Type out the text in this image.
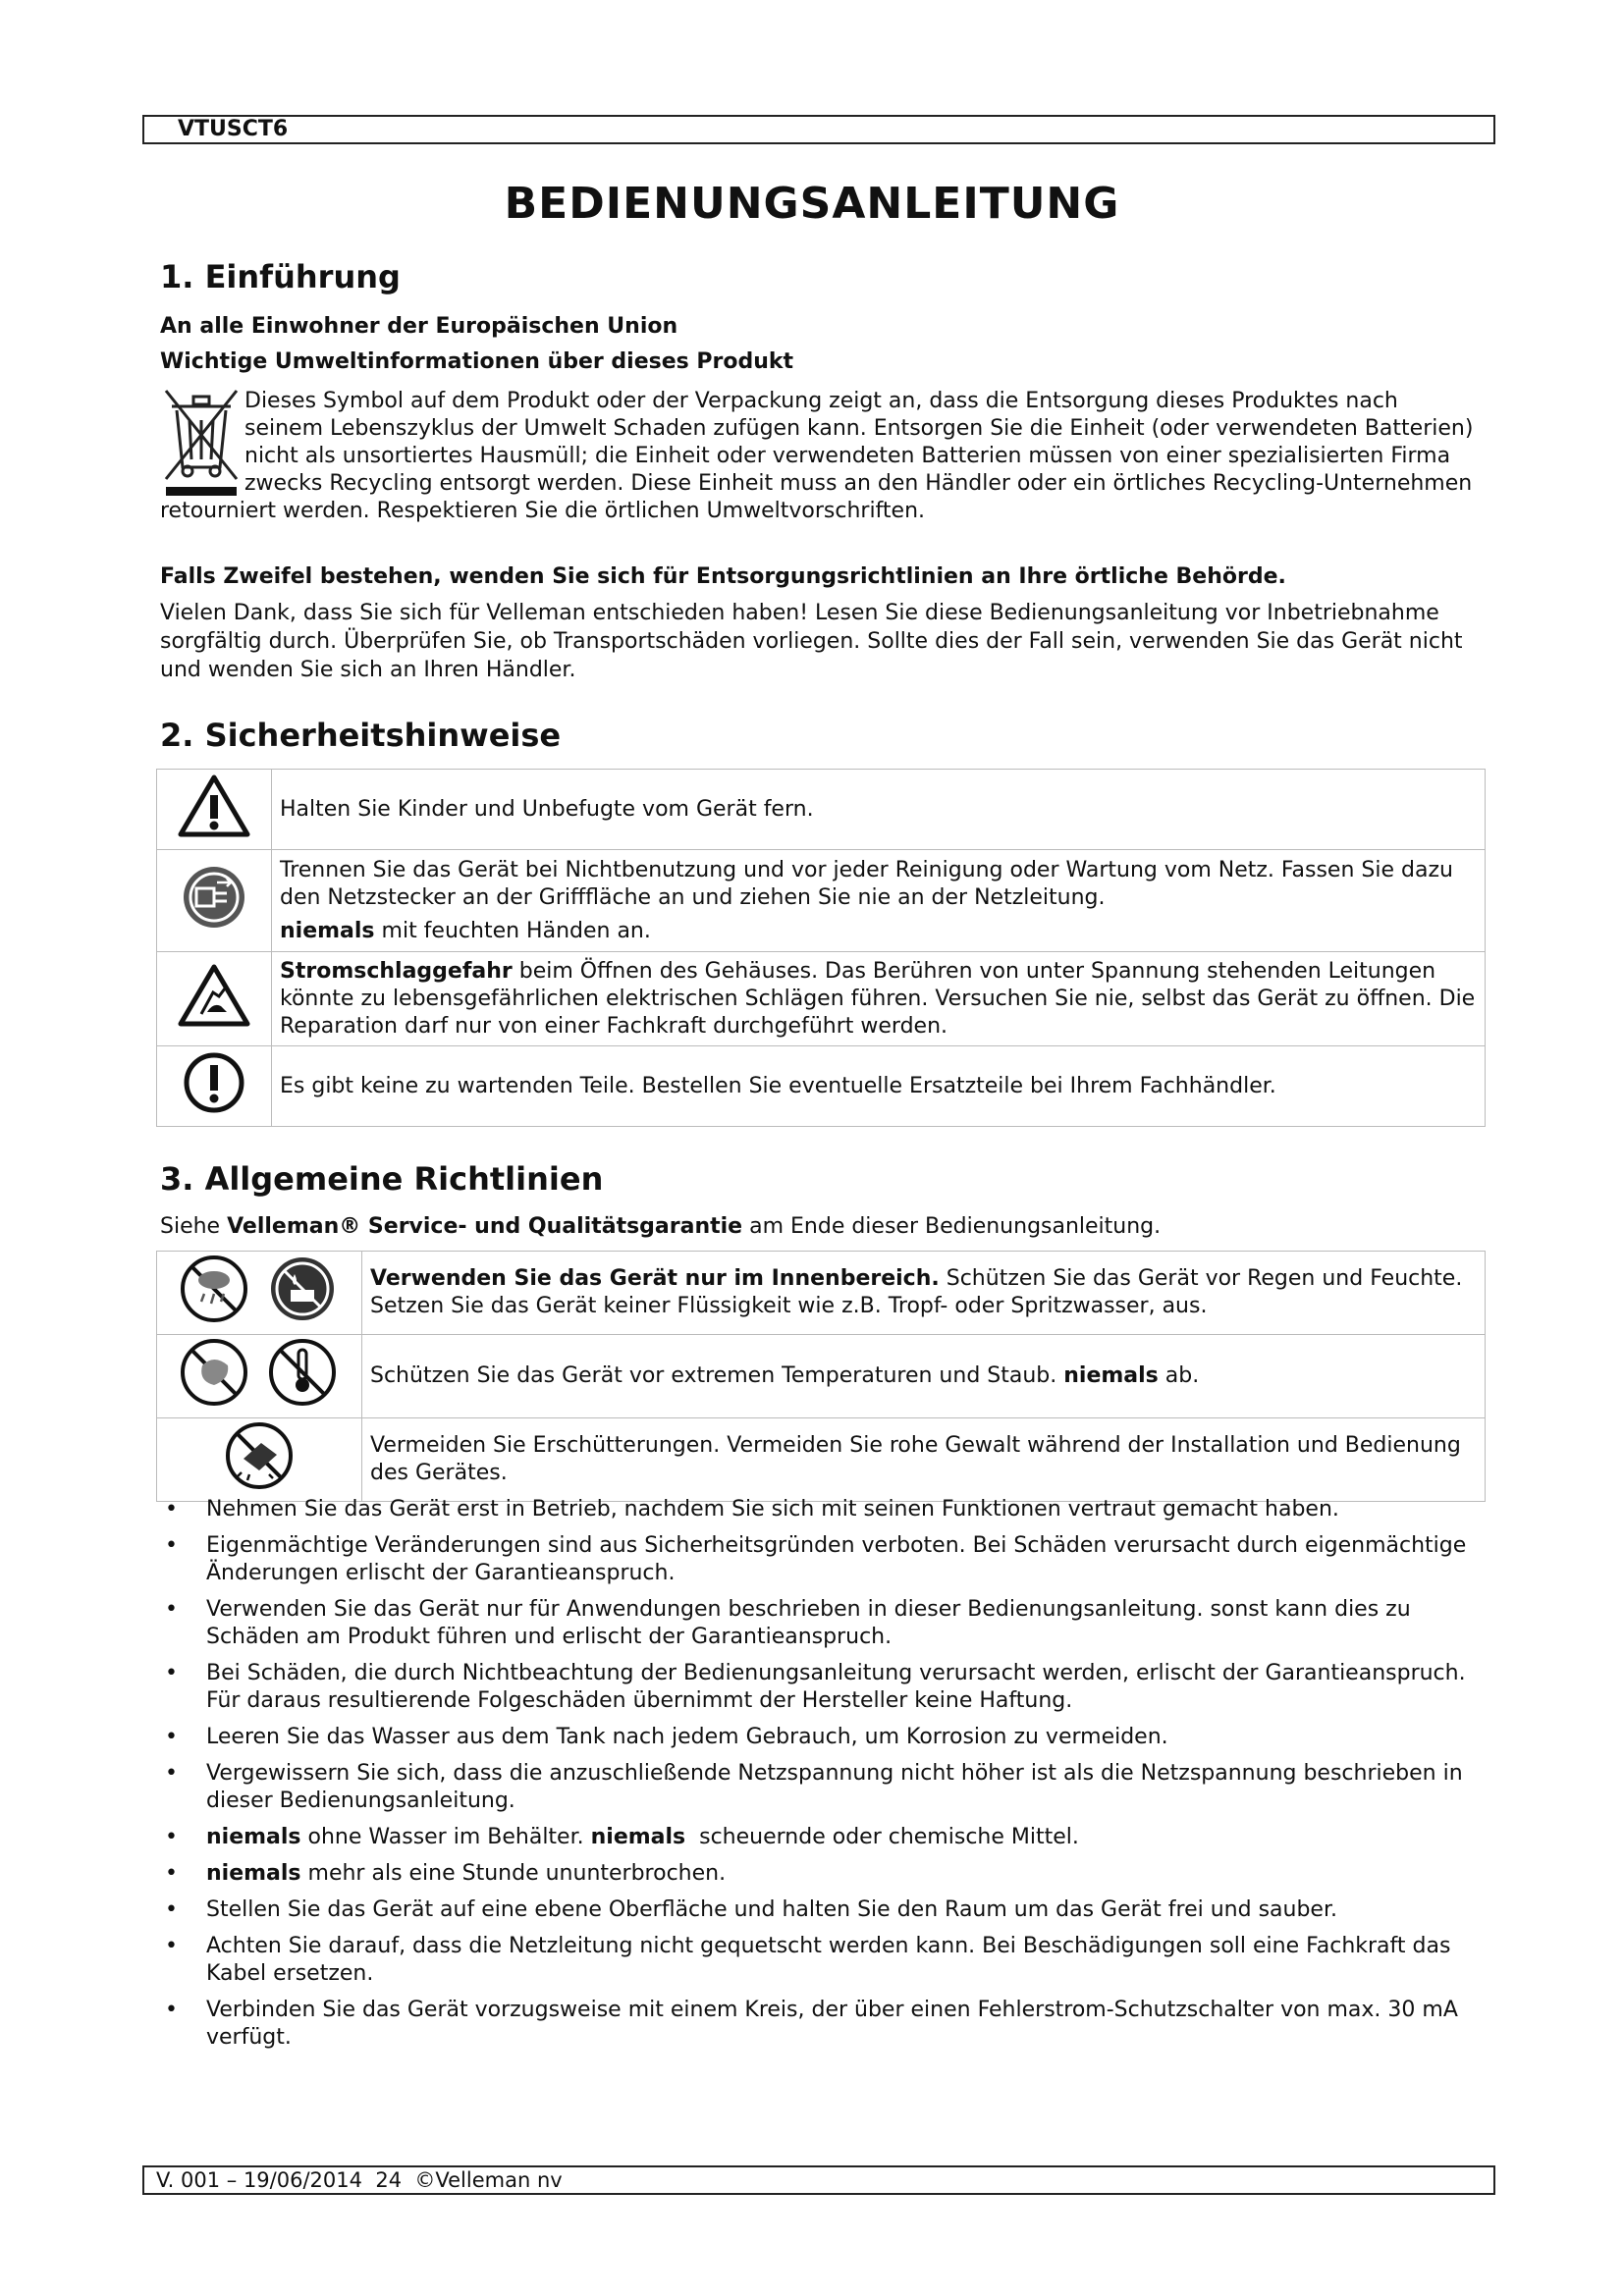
VTUSCT6
BEDIENUNGSANLEITUNG
1. Einführung
An alle Einwohner der Europäischen Union
Wichtige Umweltinformationen über dieses Produkt
Dieses Symbol auf dem Produkt oder der Verpackung zeigt an, dass die Entsorgung dieses Produktes nach seinem Lebenszyklus der Umwelt Schaden zufügen kann. Entsorgen Sie die Einheit (oder verwendeten Batterien) nicht als unsortiertes Hausmüll; die Einheit oder verwendeten Batterien müssen von einer spezialisierten Firma zwecks Recycling entsorgt werden. Diese Einheit muss an den Händler oder ein örtliches Recycling-Unternehmen retourniert werden. Respektieren Sie die örtlichen Umweltvorschriften.
Falls Zweifel bestehen, wenden Sie sich für Entsorgungsrichtlinien an Ihre örtliche Behörde.
Vielen Dank, dass Sie sich für Velleman entschieden haben! Lesen Sie diese Bedienungsanleitung vor Inbetriebnahme sorgfältig durch. Überprüfen Sie, ob Transportschäden vorliegen. Sollte dies der Fall sein, verwenden Sie das Gerät nicht und wenden Sie sich an Ihren Händler.
2. Sicherheitshinweise
	Halten Sie Kinder und Unbefugte vom Gerät fern.

Trennen Sie das Gerät bei Nichtbenutzung und vor jeder Reinigung oder Wartung vom Netz. Fassen Sie dazu den Netzstecker an der Grifffläche an und ziehen Sie nie an der Netzleitung.
niemals mit feuchten Händen an.

	Stromschlaggefahr beim Öffnen des Gehäuses. Das Berühren von unter Spannung stehenden Leitungen könnte zu lebensgefährlichen elektrischen Schlägen führen. Versuchen Sie nie, selbst das Gerät zu öffnen. Die Reparation darf nur von einer Fachkraft durchgeführt werden.
	Es gibt keine zu wartenden Teile. Bestellen Sie eventuelle Ersatzteile bei Ihrem Fachhändler.
3. Allgemeine Richtlinien
Siehe Velleman® Service- und Qualitätsgarantie am Ende dieser Bedienungsanleitung.
	Verwenden Sie das Gerät nur im Innenbereich. Schützen Sie das Gerät vor Regen und Feuchte. Setzen Sie das Gerät keiner Flüssigkeit wie z.B. Tropf- oder Spritzwasser, aus.
	Schützen Sie das Gerät vor extremen Temperaturen und Staub. niemals ab.
	Vermeiden Sie Erschütterungen. Vermeiden Sie rohe Gewalt während der Installation und Bedienung des Gerätes.
• Nehmen Sie das Gerät erst in Betrieb, nachdem Sie sich mit seinen Funktionen vertraut gemacht haben.
• Eigenmächtige Veränderungen sind aus Sicherheitsgründen verboten. Bei Schäden verursacht durch eigenmächtige Änderungen erlischt der Garantieanspruch.
• Verwenden Sie das Gerät nur für Anwendungen beschrieben in dieser Bedienungsanleitung. sonst kann dies zu Schäden am Produkt führen und erlischt der Garantieanspruch.
• Bei Schäden, die durch Nichtbeachtung der Bedienungsanleitung verursacht werden, erlischt der Garantieanspruch. Für daraus resultierende Folgeschäden übernimmt der Hersteller keine Haftung.
• Leeren Sie das Wasser aus dem Tank nach jedem Gebrauch, um Korrosion zu vermeiden.
• Vergewissern Sie sich, dass die anzuschließende Netzspannung nicht höher ist als die Netzspannung beschrieben in dieser Bedienungsanleitung.
• niemals ohne Wasser im Behälter. niemals  scheuernde oder chemische Mittel.
• niemals mehr als eine Stunde ununterbrochen.
• Stellen Sie das Gerät auf eine ebene Oberfläche und halten Sie den Raum um das Gerät frei und sauber.
• Achten Sie darauf, dass die Netzleitung nicht gequetscht werden kann. Bei Beschädigungen soll eine Fachkraft das Kabel ersetzen.
• Verbinden Sie das Gerät vorzugsweise mit einem Kreis, der über einen Fehlerstrom-Schutzschalter von max. 30 mA verfügt.
V. 001 – 19/06/2014  24  ©Velleman nv
